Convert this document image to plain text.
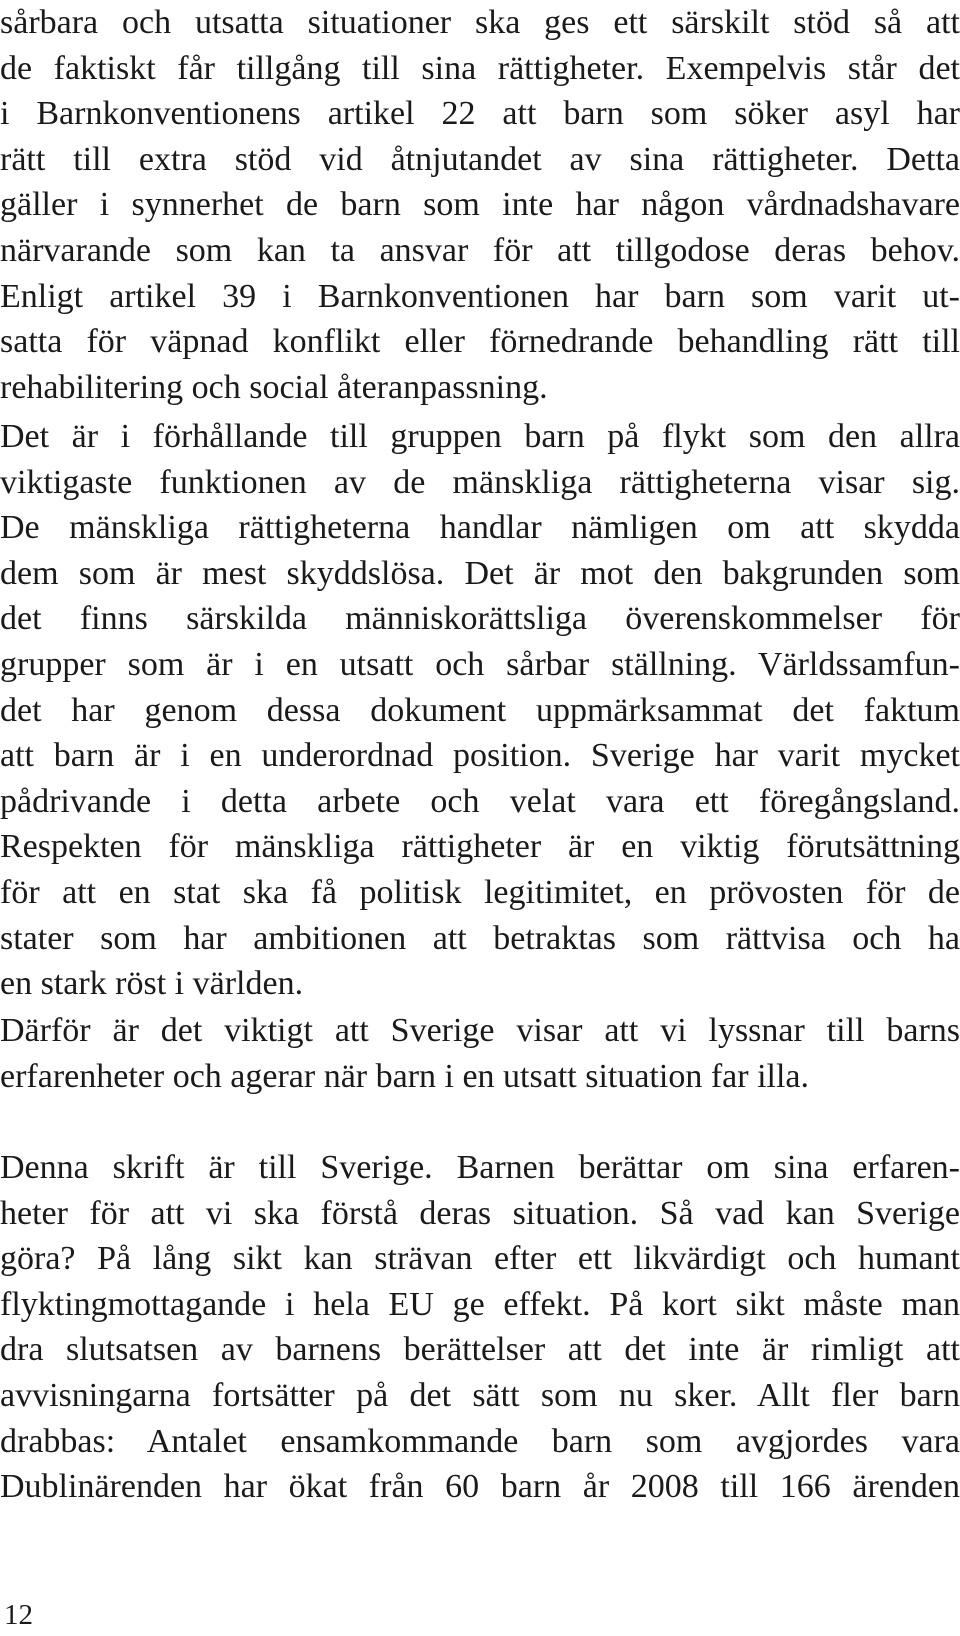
sårbara och utsatta situationer ska ges ett särskilt stöd så att
de faktiskt får tillgång till sina rättigheter. Exempelvis står det
i Barnkonventionens artikel 22 att barn som söker asyl har
rätt till extra stöd vid åtnjutandet av sina rättigheter. Detta
gäller i synnerhet de barn som inte har någon vårdnadshavare
närvarande som kan ta ansvar för att tillgodose deras behov.
Enligt artikel 39 i Barnkonventionen har barn som varit ut-
satta för väpnad konflikt eller förnedrande behandling rätt till
rehabilitering och social återanpassning.
Det är i förhållande till gruppen barn på flykt som den allra
viktigaste funktionen av de mänskliga rättigheterna visar sig.
De mänskliga rättigheterna handlar nämligen om att skydda
dem som är mest skyddslösa. Det är mot den bakgrunden som
det finns särskilda människorättsliga överenskommelser för
grupper som är i en utsatt och sårbar ställning. Världssamfun-
det har genom dessa dokument uppmärksammat det faktum
att barn är i en underordnad position. Sverige har varit mycket
pådrivande i detta arbete och velat vara ett föregångsland.
Respekten för mänskliga rättigheter är en viktig förutsättning
för att en stat ska få politisk legitimitet, en prövosten för de
stater som har ambitionen att betraktas som rättvisa och ha
en stark röst i världen.
Därför är det viktigt att Sverige visar att vi lyssnar till barns
erfarenheter och agerar när barn i en utsatt situation far illa.
Denna skrift är till Sverige. Barnen berättar om sina erfaren-
heter för att vi ska förstå deras situation. Så vad kan Sverige
göra? På lång sikt kan strävan efter ett likvärdigt och humant
flyktingmottagande i hela EU ge effekt. På kort sikt måste man
dra slutsatsen av barnens berättelser att det inte är rimligt att
avvisningarna fortsätter på det sätt som nu sker. Allt fler barn
drabbas: Antalet ensamkommande barn som avgjordes vara
Dublinärenden har ökat från 60 barn år 2008 till 166 ärenden
12
